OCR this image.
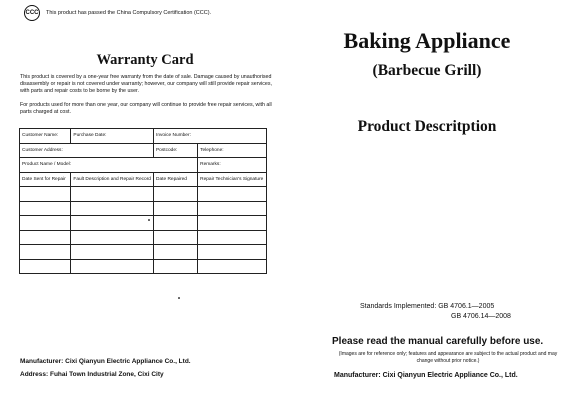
CCC This product has passed the China Compulsory Certification (CCC).
Warranty Card
This product is covered by a one-year free warranty from the date of sale. Damage caused by unauthorised disassembly or repair is not covered under warranty; however, our company will still provide repair services, with parts and repair costs to be borne by the user.
For products used for more than one year, our company will continue to provide free repair services, with all parts charged at cost.
Customer Name:	Purchase Date:	Invoice Number:	
Customer Address:		Postcode:	Telephone:
Product Name / Model:			Remarks:
Date Sent for Repair	Fault Description and Repair Record	Date Repaired	Repair Technician's Signature

Manufacturer: Cixi Qianyun Electric Appliance Co., Ltd.
Address: Fuhai Town Industrial Zone, Cixi City
Baking Appliance
(Barbecue Grill)
Product Descritption
Standards Implemented: GB 4706.1—2005
GB 4706.14—2008
Please read the manual carefully before use.
(Images are for reference only; features and appearance are subject to the actual product and may change without prior notice.)
Manufacturer: Cixi Qianyun Electric Appliance Co., Ltd.
